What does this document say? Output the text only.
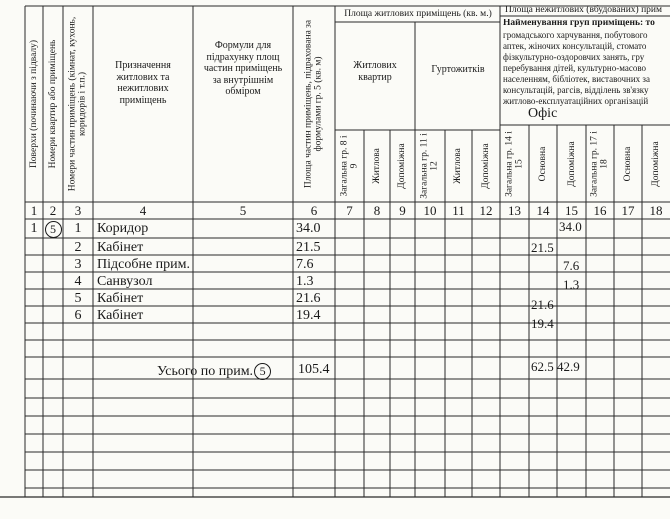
Поверхи (починаючи з підвалу) Номери квартир або приміщень Номери частин приміщень (кімнат, кухонь, коридорів і т.п.)	Площа частин приміщень, підрахована за формулами гр. 5 (кв. м)
Призначення житлових та нежитлових приміщень
Формули для підрахунку площ частин приміщень за внутрішнім обміром
Площа житлових приміщень (кв. м.)	Площа нежитлових (вбудованих) прим
Житлових квартир
Гуртожитків
Найменування груп приміщень: то
громадського харчування, побутового
аптек, жіночих консультацій, стомато
фізкультурно-оздоровчих занять, гру
перебування дітей, культурно-масово
населенням, бібліотек, виставочних за
консультацій, рагсів, відділень зв'язку
житлово-експлуатаційних організацій
Офіс
Загальна гр. 8 і 9 Житлова Допоміжна Загальна гр. 11 і 12 Житлова Допоміжна Загальна гр. 14 і 15 Основна Допоміжна Загальна гр. 17 і 18 Основна Допоміжна
1 2	3	4	5	6	7	8	9	10	11	12	13	14	15	16	17	18
1	5	1	Коридор	34.0	34.0
2	Кабінет	21.5	21.5
3	Підсобне прим.	7.6	7.6
4	Санвузол	1.3	1.3
5	Кабінет	21.6	21.6
6	Кабінет	19.4
19.4
Усього по прим. 5	105.4	62.5 42.9
